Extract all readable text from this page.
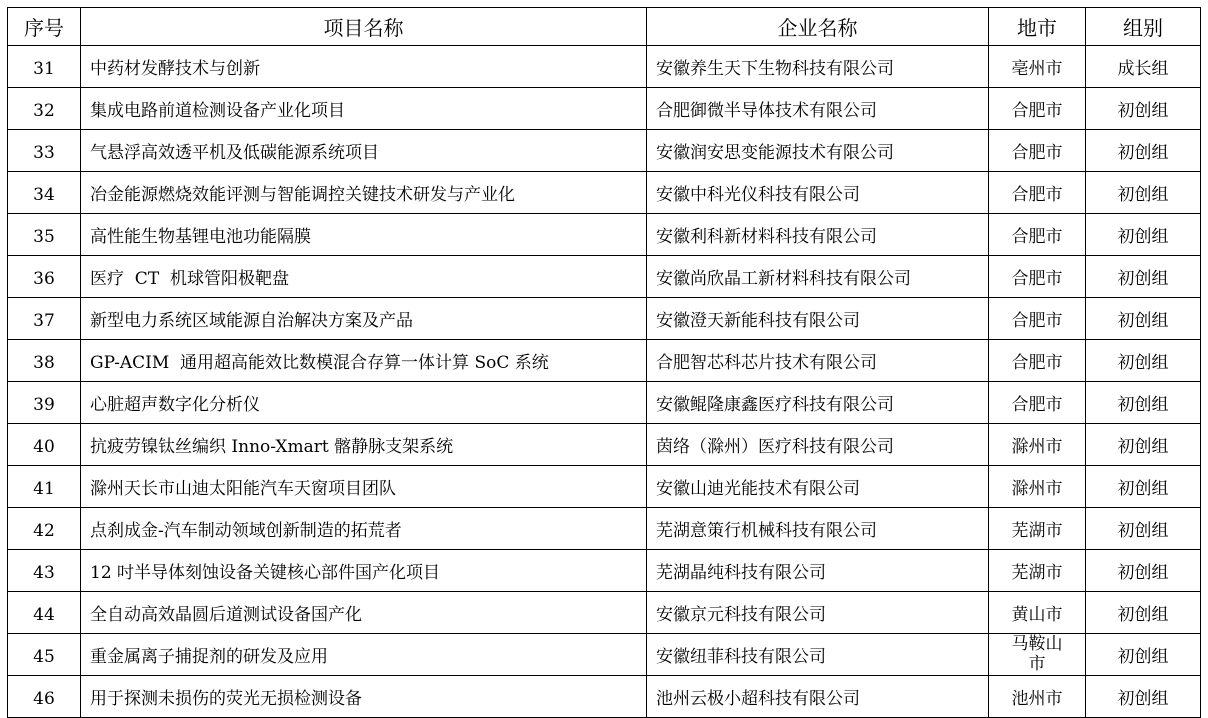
序号	项目名称	企业名称	地市	组别
31	中药材发酵技术与创新	安徽养生天下生物科技有限公司	亳州市	成长组
32	集成电路前道检测设备产业化项目	合肥御微半导体技术有限公司	合肥市	初创组
33	气悬浮高效透平机及低碳能源系统项目	安徽润安思变能源技术有限公司	合肥市	初创组
34	冶金能源燃烧效能评测与智能调控关键技术研发与产业化	安徽中科光仪科技有限公司	合肥市	初创组
35	高性能生物基锂电池功能隔膜	安徽利科新材料科技有限公司	合肥市	初创组
36	医疗  CT  机球管阳极靶盘	安徽尚欣晶工新材料科技有限公司	合肥市	初创组
37	新型电力系统区域能源自治解决方案及产品	安徽澄天新能科技有限公司	合肥市	初创组
38	GP-ACIM  通用超高能效比数模混合存算一体计算 SoC 系统	合肥智芯科芯片技术有限公司	合肥市	初创组
39	心脏超声数字化分析仪	安徽鲲隆康鑫医疗科技有限公司	合肥市	初创组
40	抗疲劳镍钛丝编织 Inno-Xmart 髂静脉支架系统	茵络（滁州）医疗科技有限公司	滁州市	初创组
41	滁州天长市山迪太阳能汽车天窗项目团队	安徽山迪光能技术有限公司	滁州市	初创组
42	点刹成金-汽车制动领域创新制造的拓荒者	芜湖意策行机械科技有限公司	芜湖市	初创组
43	12 吋半导体刻蚀设备关键核心部件国产化项目	芜湖晶纯科技有限公司	芜湖市	初创组
44	全自动高效晶圆后道测试设备国产化	安徽京元科技有限公司	黄山市	初创组
45	重金属离子捕捉剂的研发及应用	安徽纽菲科技有限公司	马鞍山市	初创组
46	用于探测未损伤的荧光无损检测设备	池州云极小超科技有限公司	池州市	初创组
